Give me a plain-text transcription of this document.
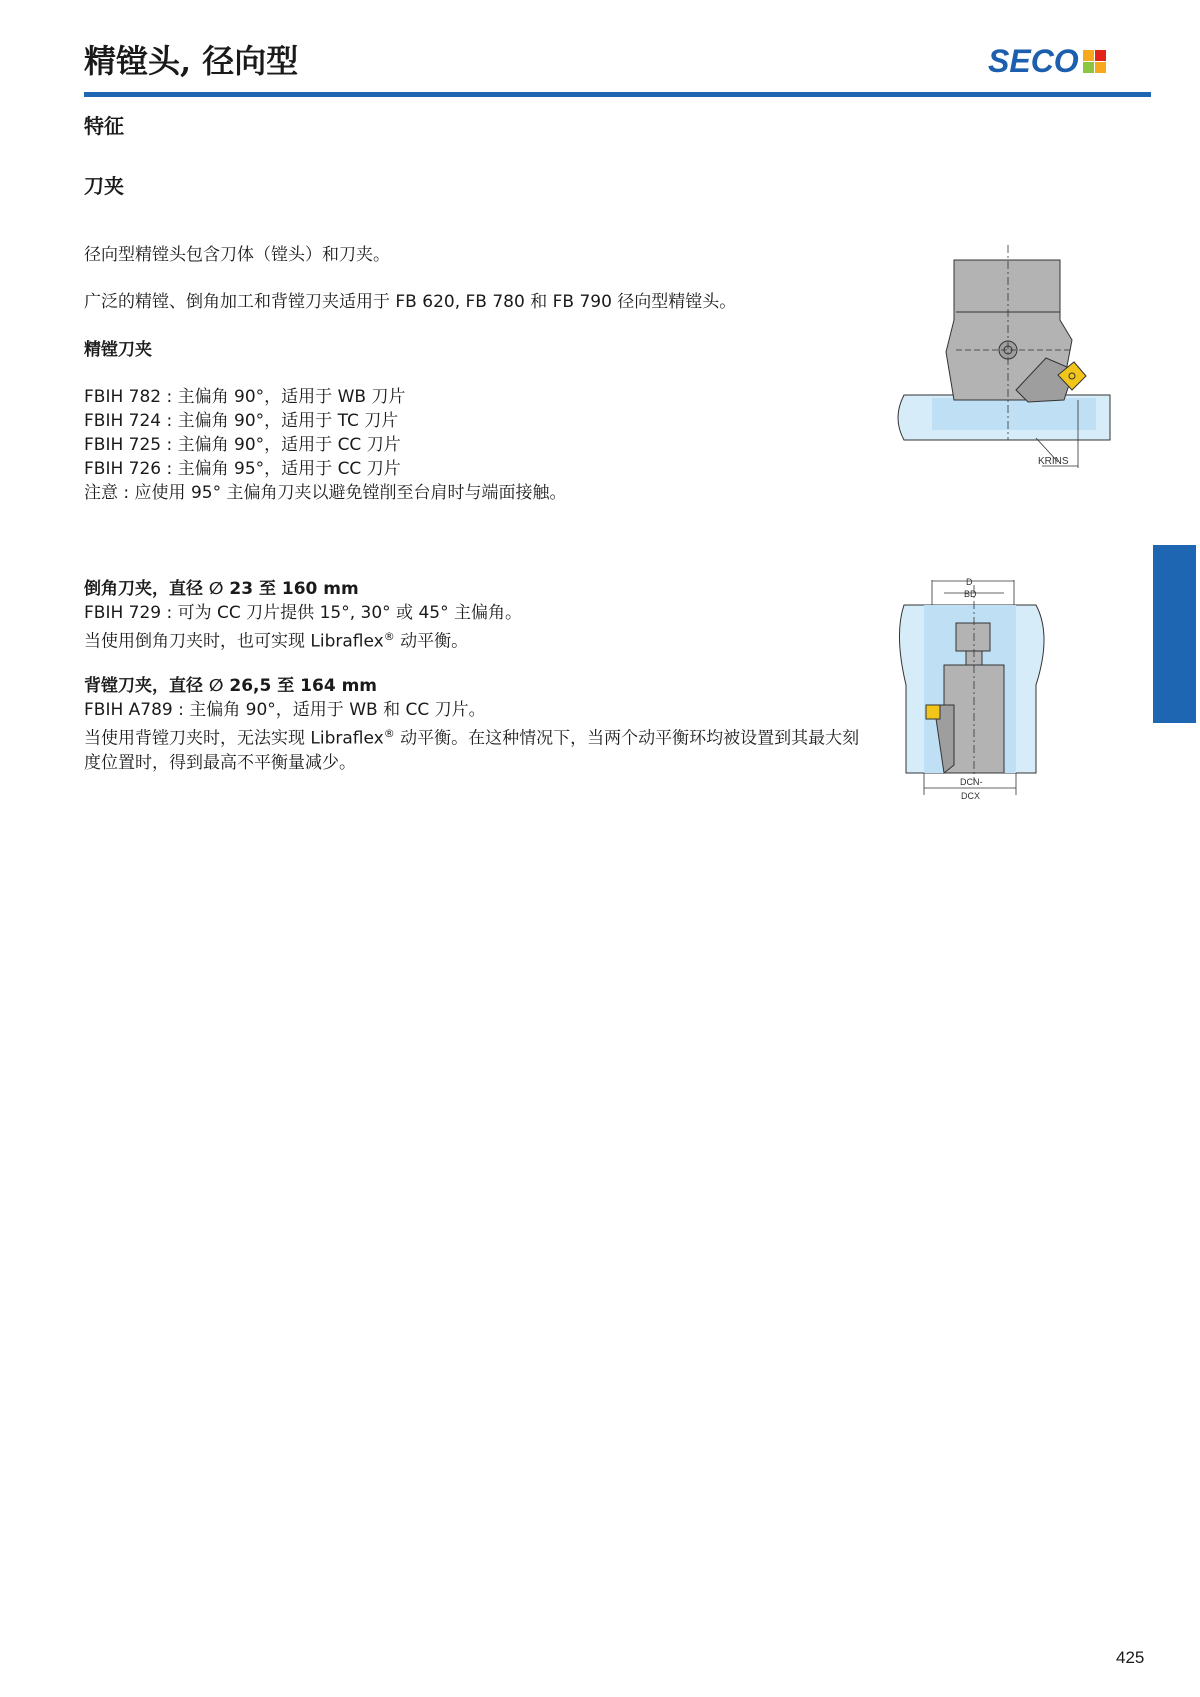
精镗头, 径向型	SECO
特征
刀夹
径向型精镗头包含刀体（镗头）和刀夹。
广泛的精镗、倒角加工和背镗刀夹适用于 FB 620, FB 780 和 FB 790 径向型精镗头。
精镗刀夹
FBIH 782 : 主偏角 90°，适用于 WB 刀片
FBIH 724 : 主偏角 90°，适用于 TC 刀片
FBIH 725 : 主偏角 90°，适用于 CC 刀片
FBIH 726 : 主偏角 95°，适用于 CC 刀片
注意 : 应使用 95° 主偏角刀夹以避免镗削至台肩时与端面接触。
倒角刀夹，直径 ∅ 23 至 160 mm
FBIH 729 : 可为 CC 刀片提供 15°, 30° 或 45° 主偏角。
当使用倒角刀夹时，也可实现 Libraflex® 动平衡。
背镗刀夹，直径 ∅ 26,5 至 164 mm
FBIH A789 : 主偏角 90°，适用于 WB 和 CC 刀片。
当使用背镗刀夹时，无法实现 Libraflex® 动平衡。在这种情况下，当两个动平衡环均被设置到其最大刻
度位置时，得到最高不平衡量减少。
KRINS
D
BD
DCN-
DCX
425
